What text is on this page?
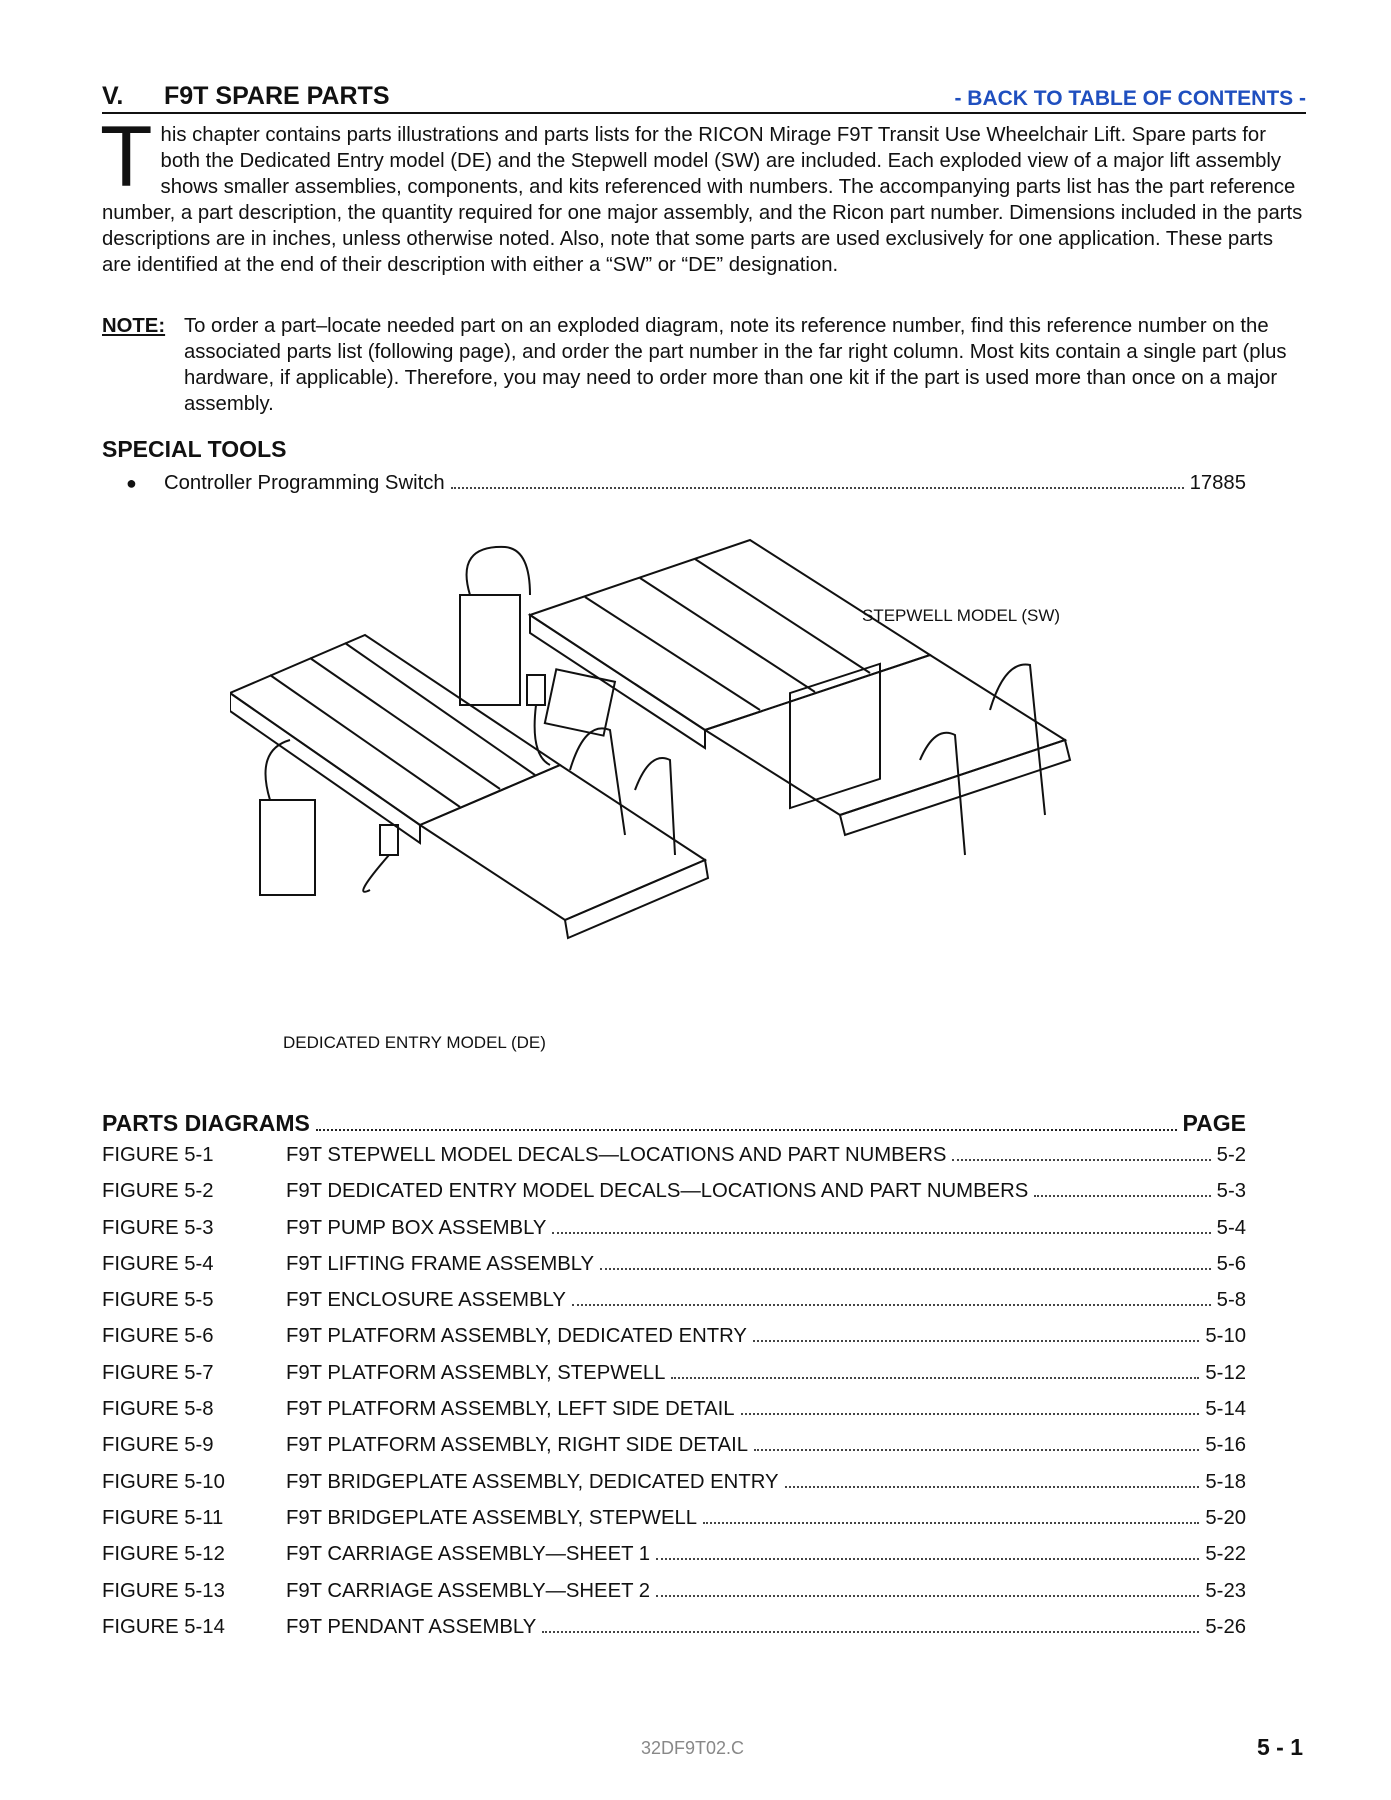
V. F9T SPARE PARTS	- BACK TO TABLE OF CONTENTS -
This chapter contains parts illustrations and parts lists for the RICON Mirage F9T Transit Use Wheelchair Lift. Spare parts for both the Dedicated Entry model (DE) and the Stepwell model (SW) are included. Each exploded view of a major lift assembly shows smaller assemblies, components, and kits referenced with numbers. The accompanying parts list has the part reference number, a part description, the quantity required for one major assembly, and the Ricon part number. Dimensions included in the parts descriptions are in inches, unless otherwise noted. Also, note that some parts are used exclusively for one application. These parts are identified at the end of their description with either a “SW” or “DE” designation.
NOTE: To order a part–locate needed part on an exploded diagram, note its reference number, find this reference number on the associated parts list (following page), and order the part number in the far right column. Most kits contain a single part (plus hardware, if applicable). Therefore, you may need to order more than one kit if the part is used more than once on a major assembly.
SPECIAL TOOLS
●	Controller Programming Switch	17885
STEPWELL MODEL (SW)
DEDICATED ENTRY MODEL (DE)
PARTS DIAGRAMS	PAGE
FIGURE 5-1	F9T STEPWELL MODEL DECALS—LOCATIONS AND PART NUMBERS	5-2
FIGURE 5-2	F9T DEDICATED ENTRY MODEL DECALS—LOCATIONS AND PART NUMBERS	5-3
FIGURE 5-3	F9T PUMP BOX ASSEMBLY	5-4
FIGURE 5-4	F9T LIFTING FRAME ASSEMBLY	5-6
FIGURE 5-5	F9T ENCLOSURE ASSEMBLY	5-8
FIGURE 5-6	F9T PLATFORM ASSEMBLY, DEDICATED ENTRY	5-10
FIGURE 5-7	F9T PLATFORM ASSEMBLY, STEPWELL	5-12
FIGURE 5-8	F9T PLATFORM ASSEMBLY, LEFT SIDE DETAIL	5-14
FIGURE 5-9	F9T PLATFORM ASSEMBLY, RIGHT SIDE DETAIL	5-16
FIGURE 5-10	F9T BRIDGEPLATE ASSEMBLY, DEDICATED ENTRY	5-18
FIGURE 5-11	F9T BRIDGEPLATE ASSEMBLY, STEPWELL	5-20
FIGURE 5-12	F9T CARRIAGE ASSEMBLY—SHEET 1	5-22
FIGURE 5-13	F9T CARRIAGE ASSEMBLY—SHEET 2	5-23
FIGURE 5-14	F9T PENDANT ASSEMBLY	5-26
32DF9T02.C	5 - 1
